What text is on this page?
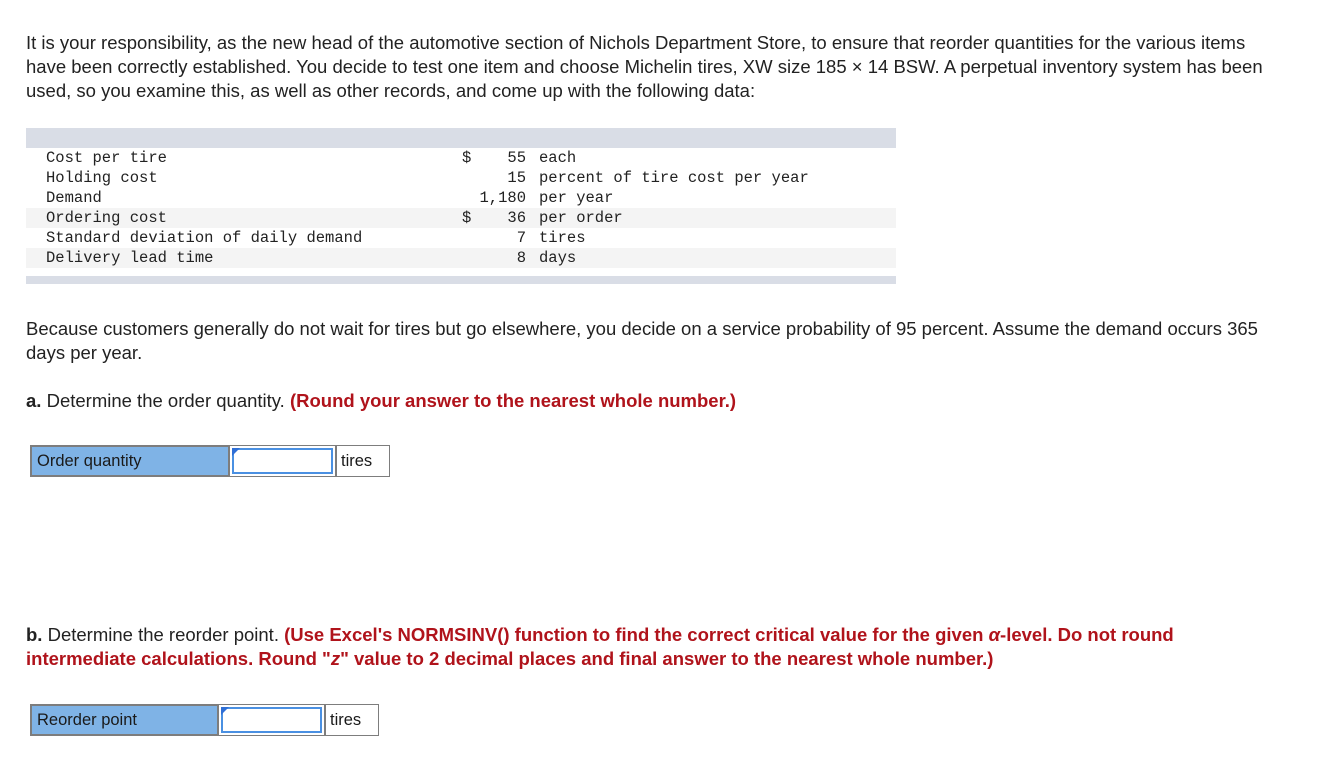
It is your responsibility, as the new head of the automotive section of Nichols Department Store, to ensure that reorder quantities for the various items have been correctly established. You decide to test one item and choose Michelin tires, XW size 185 × 14 BSW. A perpetual inventory system has been used, so you examine this, as well as other records, and come up with the following data:

Cost per tire	$	55 each
Holding cost	15 percent of tire cost per year
Demand	1,180 per year
Ordering cost	$	36 per order
Standard deviation of daily demand	7 tires
Delivery lead time	8 days

Because customers generally do not wait for tires but go elsewhere, you decide on a service probability of 95 percent. Assume the demand occurs 365 days per year.

a. Determine the order quantity. (Round your answer to the nearest whole number.)

Order quantity	tires

b. Determine the reorder point. (Use Excel's NORMSINV() function to find the correct critical value for the given α-level. Do not round intermediate calculations. Round "z" value to 2 decimal places and final answer to the nearest whole number.)

Reorder point	tires
